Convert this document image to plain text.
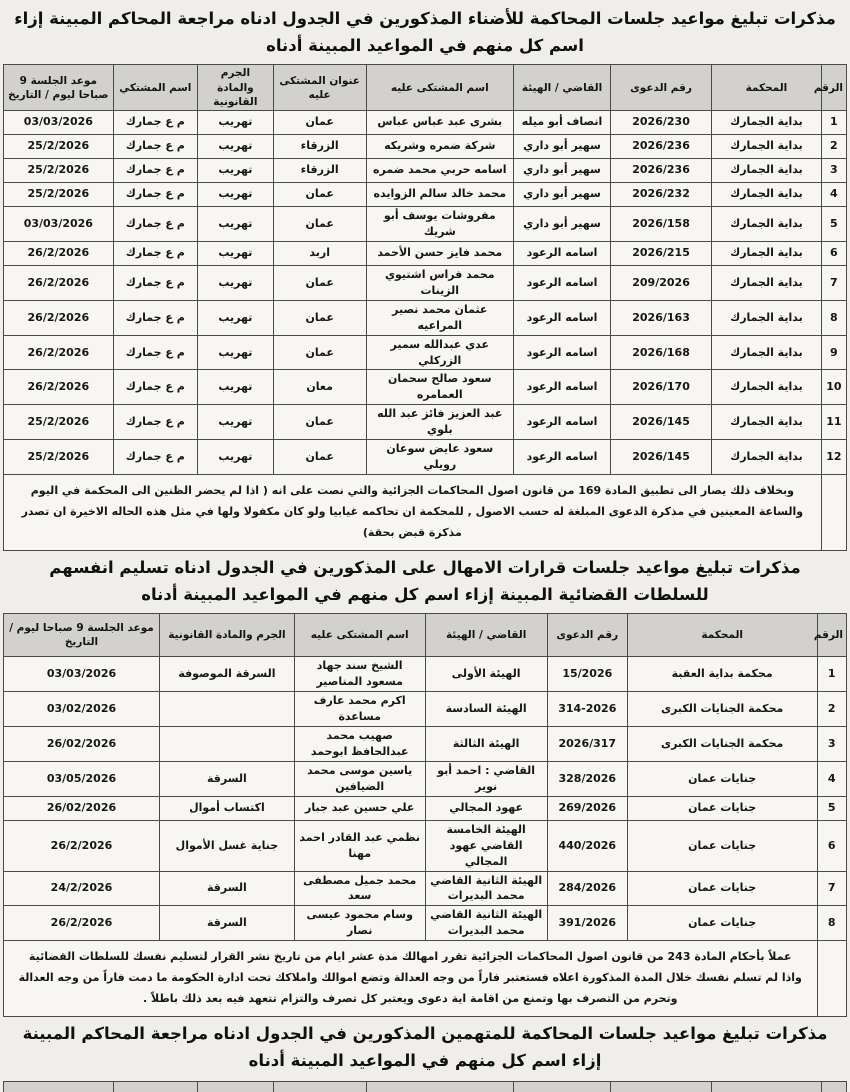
مذكرات تبليغ مواعيد جلسات المحاكمة للأضناء المذكورين في الجدول ادناه مراجعة المحاكم المبينة إزاء اسم كل منهم في المواعيد المبينة أدناه
الرقم	المحكمة	رقم الدعوى	القاضي / الهيئة	اسم المشتكى عليه	عنوان المشتكى عليه	الجرم والمادة القانونية	اسم المشتكي	موعد الجلسة 9 صباحا ليوم / التاريخ
1	بداية الجمارك	2026/230	انصاف أبو ميله	بشرى عبد عباس عباس	عمان	تهريب	م ع جمارك	03/03/2026
2	بداية الجمارك	2026/236	سهير أبو داري	شركة ضمره وشريكه	الزرقاء	تهريب	م ع جمارك	25/2/2026
3	بداية الجمارك	2026/236	سهير أبو داري	اسامه حربي محمد ضمره	الزرقاء	تهريب	م ع جمارك	25/2/2026
4	بداية الجمارك	2026/232	سهير أبو داري	محمد خالد سالم الزوايده	عمان	تهريب	م ع جمارك	25/2/2026
5	بداية الجمارك	2026/158	سهير أبو داري	مفروشات يوسف أبو شريك	عمان	تهريب	م ع جمارك	03/03/2026
6	بداية الجمارك	2026/215	اسامه الرعود	محمد فايز حسن الأحمد	اربد	تهريب	م ع جمارك	26/2/2026
7	بداية الجمارك	209/2026	اسامه الرعود	محمد فراس اشتيوي الزينات	عمان	تهريب	م ع جمارك	26/2/2026
8	بداية الجمارك	2026/163	اسامه الرعود	عثمان محمد نصير المراعيه	عمان	تهريب	م ع جمارك	26/2/2026
9	بداية الجمارك	2026/168	اسامه الرعود	عدي عبدالله سمير الزركلي	عمان	تهريب	م ع جمارك	26/2/2026
10	بداية الجمارك	2026/170	اسامه الرعود	سعود صالح سحمان العمامره	معان	تهريب	م ع جمارك	26/2/2026
11	بداية الجمارك	2026/145	اسامه الرعود	عبد العزيز فائز عبد الله بلوي	عمان	تهريب	م ع جمارك	25/2/2026
12	بداية الجمارك	2026/145	اسامه الرعود	سعود عايض سوعان رويلي	عمان	تهريب	م ع جمارك	25/2/2026
	وبخلاف ذلك يصار الى تطبيق المادة 169 من قانون اصول المحاكمات الجزائية والتي نصت على انه ( اذا لم يحضر الظنين الى المحكمة في اليوم والساعة المعينين في مذكرة الدعوى المبلغة له حسب الاصول , للمحكمة ان تحاكمه غيابيا ولو كان مكفولا ولها في مثل هذه الحاله الاخيرة ان تصدر مذكرة قبض بحقة)							
مذكرات تبليغ مواعيد جلسات قرارات الامهال على المذكورين في الجدول ادناه تسليم انفسهم للسلطات القضائية المبينة إزاء اسم كل منهم في المواعيد المبينة أدناه
الرقم	المحكمة	رقم الدعوى	القاضي / الهيئة	اسم المشتكى عليه	الجرم والمادة القانونية	موعد الجلسة 9 صباحا ليوم / التاريخ
1	محكمة بداية العقبة	15/2026	الهيئة الأولى	الشيخ سند جهاد مسعود المناصير	السرقة الموصوفة	03/03/2026
2	محكمة الجنايات الكبرى	314-2026	الهيئة السادسة	اكرم محمد عارف مساعدة		03/02/2026
3	محكمة الجنايات الكبرى	2026/317	الهيئة الثالثة	صهيب محمد عبدالحافظ ابوحمد		26/02/2026
4	جنايات عمان	328/2026	القاضي : احمد أبو نوير	ياسين موسى محمد الضيافين	السرقة	03/05/2026
5	جنايات عمان	269/2026	عهود المجالي	علي حسين عبد جبار	اكتساب أموال	26/02/2026
6	جنايات عمان	440/2026	الهيئة الخامسة القاضي عهود المجالي	نظمي عبد القادر احمد مهنا	جناية غسل الأموال	26/2/2026
7	جنايات عمان	284/2026	الهيئة الثانية القاضي محمد البديرات	محمد جميل مصطفى سعد	السرقة	24/2/2026
8	جنايات عمان	391/2026	الهيئة الثانية القاضي محمد البديرات	وسام محمود عيسى نصار	السرقة	26/2/2026
	عملاً بأحكام المادة 243 من قانون اصول المحاكمات الجزائية تقرر امهالك مدة عشر ايام من تاريخ نشر القرار لتسليم نفسك للسلطات القضائية واذا لم تسلم نفسك خلال المدة المذكورة اعلاه فستعتبر فاراً من وجه العدالة وتضع اموالك واملاكك تحت ادارة الحكومة ما دمت فاراً من وجه العدالة وتحرم من التصرف بها وتمنع من اقامة اية دعوى ويعتبر كل تصرف والتزام تتعهد فيه بعد ذلك باطلاً .					
مذكرات تبليغ مواعيد جلسات المحاكمة للمتهمين المذكورين في الجدول ادناه مراجعة المحاكم المبينة إزاء اسم كل منهم في المواعيد المبينة أدناه
